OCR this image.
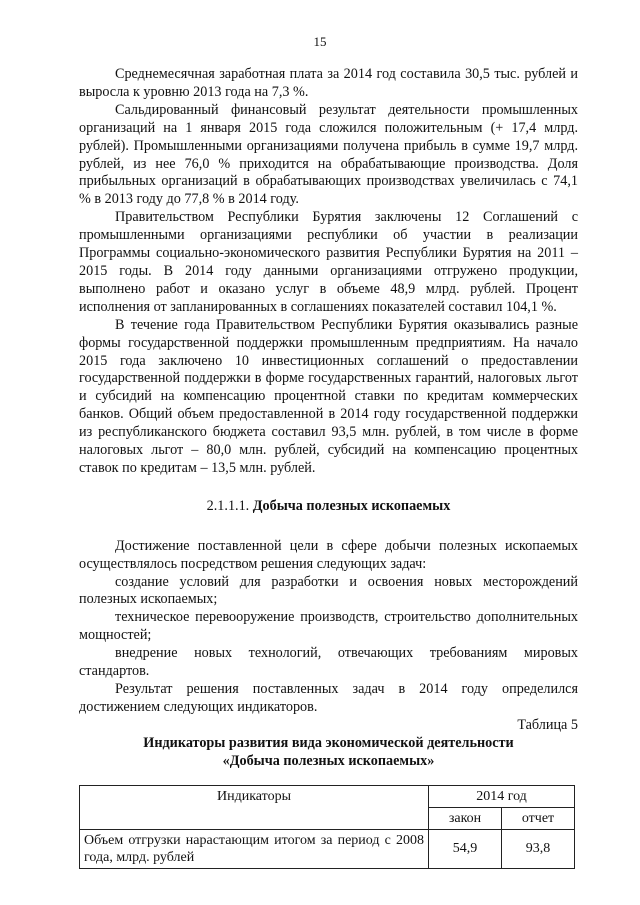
15

Среднемесячная заработная плата за 2014 год составила 30,5 тыс. рублей и выросла к уровню 2013 года на 7,3 %.

Сальдированный финансовый результат деятельности промышленных организаций на 1 января 2015 года сложился положительным (+ 17,4 млрд. рублей). Промышленными организациями получена прибыль в сумме 19,7 млрд. рублей, из нее 76,0 % приходится на обрабатывающие производства. Доля прибыльных организаций в обрабатывающих производствах увеличилась с 74,1 % в 2013 году до 77,8 % в 2014 году.

Правительством Республики Бурятия заключены 12 Соглашений с промышленными организациями республики об участии в реализации Программы социально-экономического развития Республики Бурятия на 2011 – 2015 годы. В 2014 году данными организациями отгружено продукции, выполнено работ и оказано услуг в объеме 48,9 млрд. рублей. Процент исполнения от запланированных в соглашениях показателей составил 104,1 %.

В течение года Правительством Республики Бурятия оказывались разные формы государственной поддержки промышленным предприятиям. На начало 2015 года заключено 10 инвестиционных соглашений о предоставлении государственной поддержки в форме государственных гарантий, налоговых льгот и субсидий на компенсацию процентной ставки по кредитам коммерческих банков. Общий объем предоставленной в 2014 году государственной поддержки из республиканского бюджета составил 93,5 млн. рублей, в том числе в форме налоговых льгот – 80,0 млн. рублей, субсидий на компенсацию процентных ставок по кредитам – 13,5 млн. рублей.

2.1.1.1. Добыча полезных ископаемых

Достижение поставленной цели в сфере добычи полезных ископаемых осуществлялось посредством решения следующих задач:

создание условий для разработки и освоения новых месторождений полезных ископаемых;

техническое перевооружение производств, строительство дополнительных мощностей;

внедрение новых технологий, отвечающих требованиям мировых стандартов.

Результат решения поставленных задач в 2014 году определился достижением следующих индикаторов.

Таблица 5

Индикаторы развития вида экономической деятельности

«Добыча полезных ископаемых»

Индикаторы	2014 год	
	закон	отчет
Объем отгрузки нарастающим итогом за период с 2008 года, млрд. рублей	54,9	93,8
